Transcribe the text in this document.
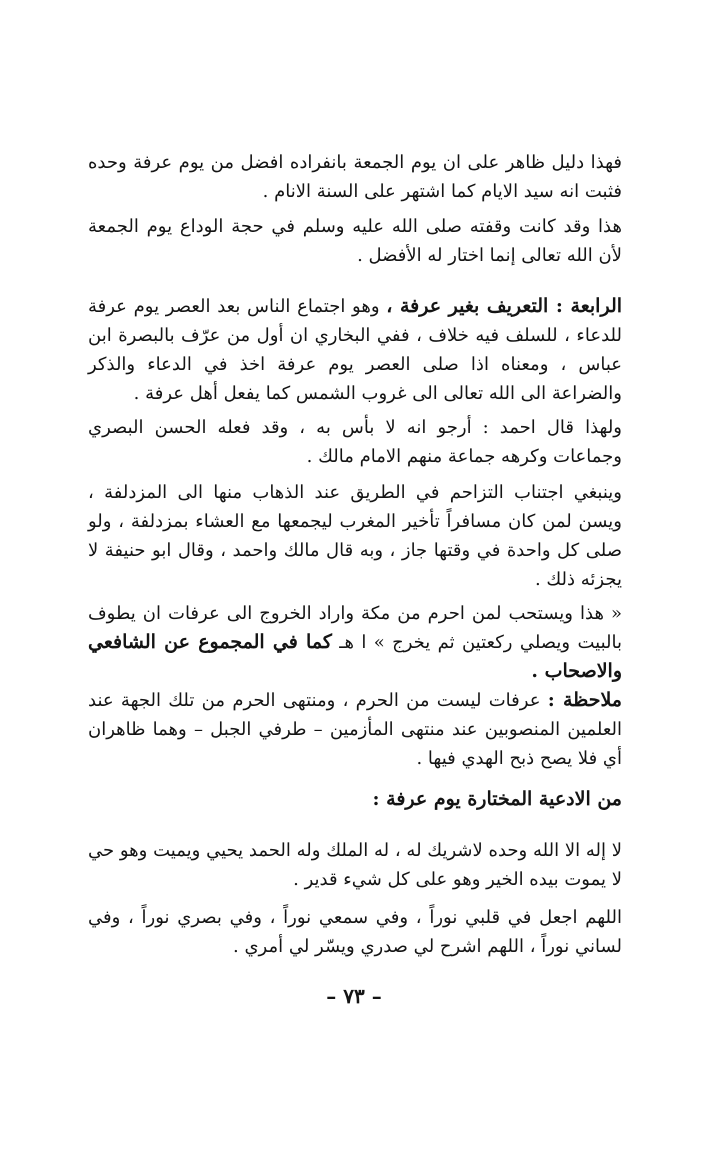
فهذا دليل ظاهر على ان يوم الجمعة بانفراده افضل من يوم عرفة وحده فثبت انه سيد الايام كما اشتهر على السنة الانام .

هذا وقد كانت وقفته صلى الله عليه وسلم في حجة الوداع يوم الجمعة لأن الله تعالى إنما اختار له الأفضل .

الرابعة : التعريف بغير عرفة ، وهو اجتماع الناس بعد العصر يوم عرفة للدعاء ، للسلف فيه خلاف ، ففي البخاري ان أول من عرّف بالبصرة ابن عباس ، ومعناه اذا صلى العصر يوم عرفة اخذ في الدعاء والذكر والضراعة الى الله تعالى الى غروب الشمس كما يفعل أهل عرفة .

ولهذا قال احمد : أرجو انه لا بأس به ، وقد فعله الحسن البصري وجماعات وكرهه جماعة منهم الامام مالك .

وينبغي اجتناب التزاحم في الطريق عند الذهاب منها الى المزدلفة ، ويسن لمن كان مسافراً تأخير المغرب ليجمعها مع العشاء بمزدلفة ، ولو صلى كل واحدة في وقتها جاز ، وبه قال مالك واحمد ، وقال ابو حنيفة لا يجزئه ذلك .

« هذا ويستحب لمن احرم من مكة واراد الخروج الى عرفات ان يطوف بالبيت ويصلي ركعتين ثم يخرج » ا هـ كما في المجموع عن الشافعي والاصحاب .

ملاحظة : عرفات ليست من الحرم ، ومنتهى الحرم من تلك الجهة عند العلمين المنصوبين عند منتهى المأزمين – طرفي الجبل – وهما ظاهران أي فلا يصح ذبح الهدي فيها .

من الادعية المختارة يوم عرفة :

لا إله الا الله وحده لاشريك له ، له الملك وله الحمد يحيي ويميت وهو حي لا يموت بيده الخير وهو على كل شيء قدير .

اللهم اجعل في قلبي نوراً ، وفي سمعي نوراً ، وفي بصري نوراً ، وفي لساني نوراً ، اللهم اشرح لي صدري ويسّر لي أمري .

– ٧٣ –
